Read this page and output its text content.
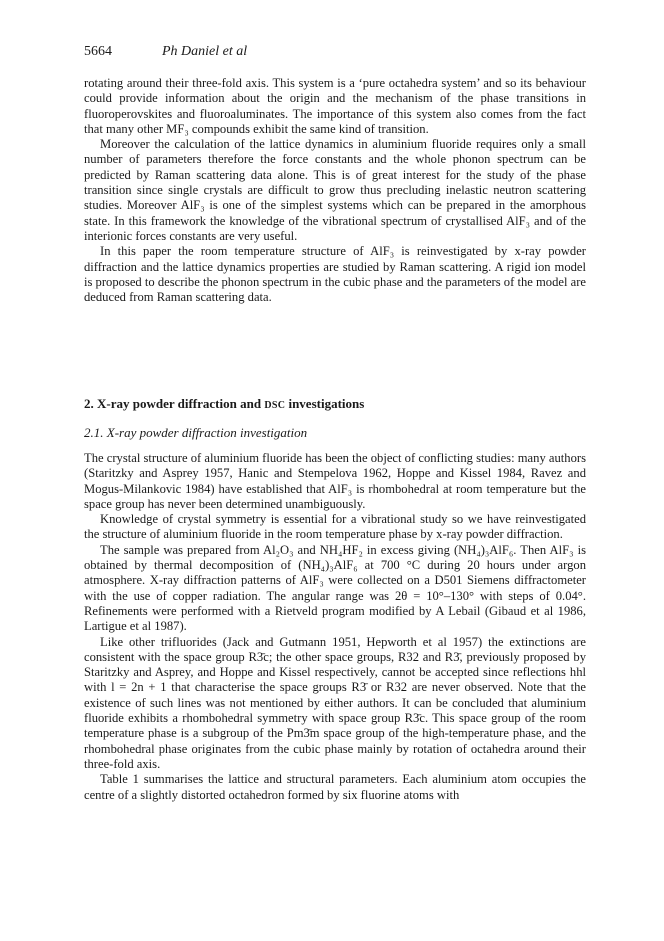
5664	Ph Daniel et al

rotating around their three-fold axis. This system is a ‘pure octahedra system’ and so its behaviour could provide information about the origin and the mechanism of the phase transitions in fluoroperovskites and fluoroaluminates. The importance of this system also comes from the fact that many other MF₃ compounds exhibit the same kind of transition.

Moreover the calculation of the lattice dynamics in aluminium fluoride requires only a small number of parameters therefore the force constants and the whole phonon spectrum can be predicted by Raman scattering data alone. This is of great interest for the study of the phase transition since single crystals are difficult to grow thus precluding inelastic neutron scattering studies. Moreover AlF₃ is one of the simplest systems which can be prepared in the amorphous state. In this framework the knowledge of the vibrational spectrum of crystallised AlF₃ and of the interionic forces constants are very useful.

In this paper the room temperature structure of AlF₃ is reinvestigated by x-ray powder diffraction and the lattice dynamics properties are studied by Raman scattering. A rigid ion model is proposed to describe the phonon spectrum in the cubic phase and the parameters of the model are deduced from Raman scattering data.

2. X-ray powder diffraction and DSC investigations
2.1. X-ray powder diffraction investigation

The crystal structure of aluminium fluoride has been the object of conflicting studies: many authors (Staritzky and Asprey 1957, Hanic and Stempelova 1962, Hoppe and Kissel 1984, Ravez and Mogus-Milankovic 1984) have established that AlF₃ is rhombohedral at room temperature but the space group has never been determined unambiguously.

Knowledge of crystal symmetry is essential for a vibrational study so we have reinvestigated the structure of aluminium fluoride in the room temperature phase by x-ray powder diffraction.

The sample was prepared from Al₂O₃ and NH₄HF₂ in excess giving (NH₄)₃AlF₆. Then AlF₃ is obtained by thermal decomposition of (NH₄)₃AlF₆ at 700 °C during 20 hours under argon atmosphere. X-ray diffraction patterns of AlF₃ were collected on a D501 Siemens diffractometer with the use of copper radiation. The angular range was 2θ = 10°–130° with steps of 0.04°. Refinements were performed with a Rietveld program modified by A Lebail (Gibaud et al 1986, Lartigue et al 1987).

Like other trifluorides (Jack and Gutmann 1951, Hepworth et al 1957) the extinctions are consistent with the space group R3̄c; the other space groups, R32 and R3̄, previously proposed by Staritzky and Asprey, and Hoppe and Kissel respectively, cannot be accepted since reflections hhl with l = 2n + 1 that characterise the space groups R3̄ or R32 are never observed. Note that the existence of such lines was not mentioned by either authors. It can be concluded that aluminium fluoride exhibits a rhombohedral symmetry with space group R3̄c. This space group of the room temperature phase is a subgroup of the Pm3̄m space group of the high-temperature phase, and the rhombohedral phase originates from the cubic phase mainly by rotation of octahedra around their three-fold axis.

Table 1 summarises the lattice and structural parameters. Each aluminium atom occupies the centre of a slightly distorted octahedron formed by six fluorine atoms with
